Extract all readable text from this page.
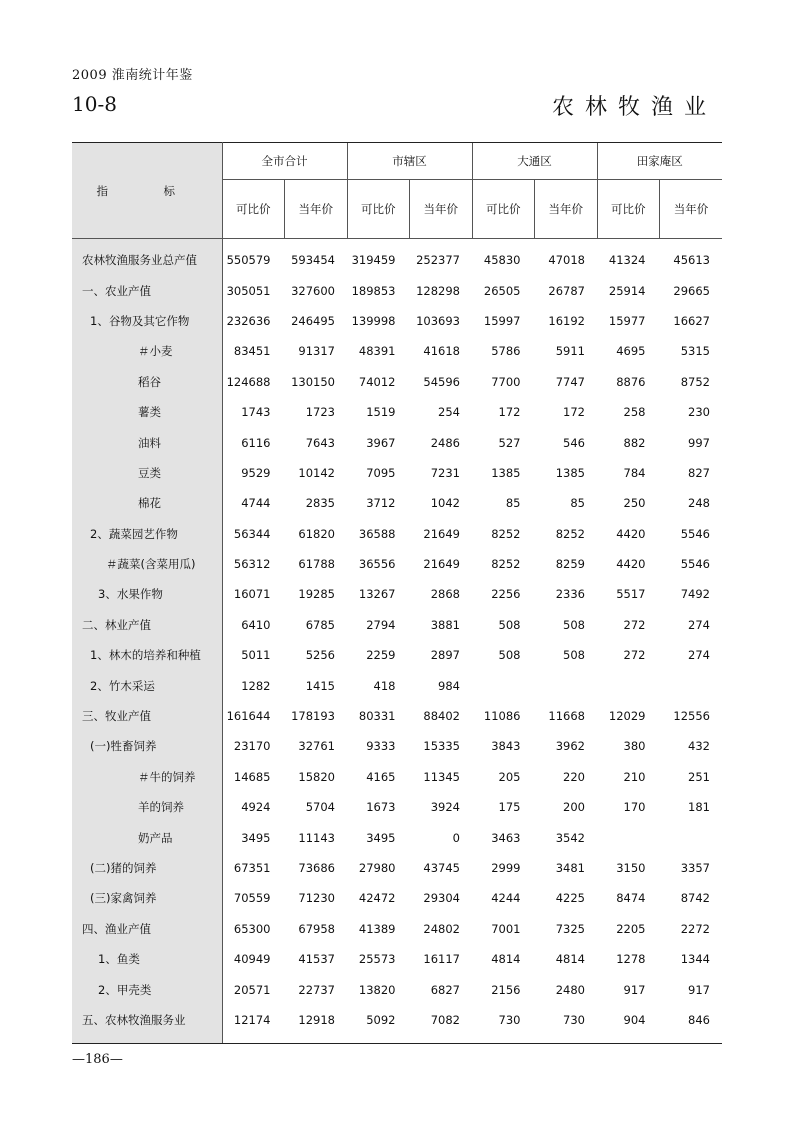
2009 淮南统计年鉴
10-8	农林牧渔业
指　标	全市合计		市辖区		大通区		田家庵区	
	可比价	当年价	可比价	当年价	可比价	当年价	可比价	当年价

农林牧渔服务业总产值	550579	593454	319459	252377	45830	47018	41324	45613
一、农业产值	305051	327600	189853	128298	26505	26787	25914	29665
1、谷物及其它作物	232636	246495	139998	103693	15997	16192	15977	16627
＃小麦	83451	91317	48391	41618	5786	5911	4695	5315
稻谷	124688	130150	74012	54596	7700	7747	8876	8752
薯类	1743	1723	1519	254	172	172	258	230
油料	6116	7643	3967	2486	527	546	882	997
豆类	9529	10142	7095	7231	1385	1385	784	827
棉花	4744	2835	3712	1042	85	85	250	248
2、蔬菜园艺作物	56344	61820	36588	21649	8252	8252	4420	5546
＃蔬菜(含菜用瓜)	56312	61788	36556	21649	8252	8259	4420	5546
3、水果作物	16071	19285	13267	2868	2256	2336	5517	7492
二、林业产值	6410	6785	2794	3881	508	508	272	274
1、林木的培养和种植	5011	5256	2259	2897	508	508	272	274
2、竹木采运	1282	1415	418	984				
三、牧业产值	161644	178193	80331	88402	11086	11668	12029	12556
(一)牲畜饲养	23170	32761	9333	15335	3843	3962	380	432
＃牛的饲养	14685	15820	4165	11345	205	220	210	251
羊的饲养	4924	5704	1673	3924	175	200	170	181
奶产品	3495	11143	3495	0	3463	3542		
(二)猪的饲养	67351	73686	27980	43745	2999	3481	3150	3357
(三)家禽饲养	70559	71230	42472	29304	4244	4225	8474	8742
四、渔业产值	65300	67958	41389	24802	7001	7325	2205	2272
1、鱼类	40949	41537	25573	16117	4814	4814	1278	1344
2、甲壳类	20571	22737	13820	6827	2156	2480	917	917
五、农林牧渔服务业	12174	12918	5092	7082	730	730	904	846

—186—
